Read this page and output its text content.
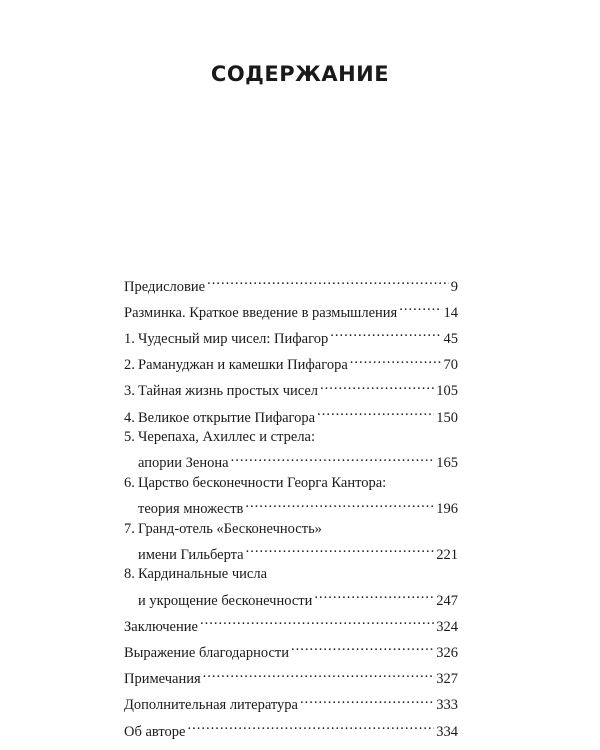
СОДЕРЖАНИЕ
Предисловие .....	9
Разминка. Краткое введение в размышления .....	14
1. Чудесный мир чисел: Пифагор .....	45
2. Рамануджан и камешки Пифагора .....	70
3. Тайная жизнь простых чисел .....	105
4. Великое открытие Пифагора .....	150
5. Черепаха, Ахиллес и стрела:
апории Зенона .....	165
6. Царство бесконечности Георга Кантора:
теория множеств .....	196
7. Гранд-отель «Бесконечность»
имени Гильберта .....	221
8. Кардинальные числа
и укрощение бесконечности .....	247
Заключение .....	324
Выражение благодарности .....	326
Примечания .....	327
Дополнительная литература .....	333
Об авторе .....	334
